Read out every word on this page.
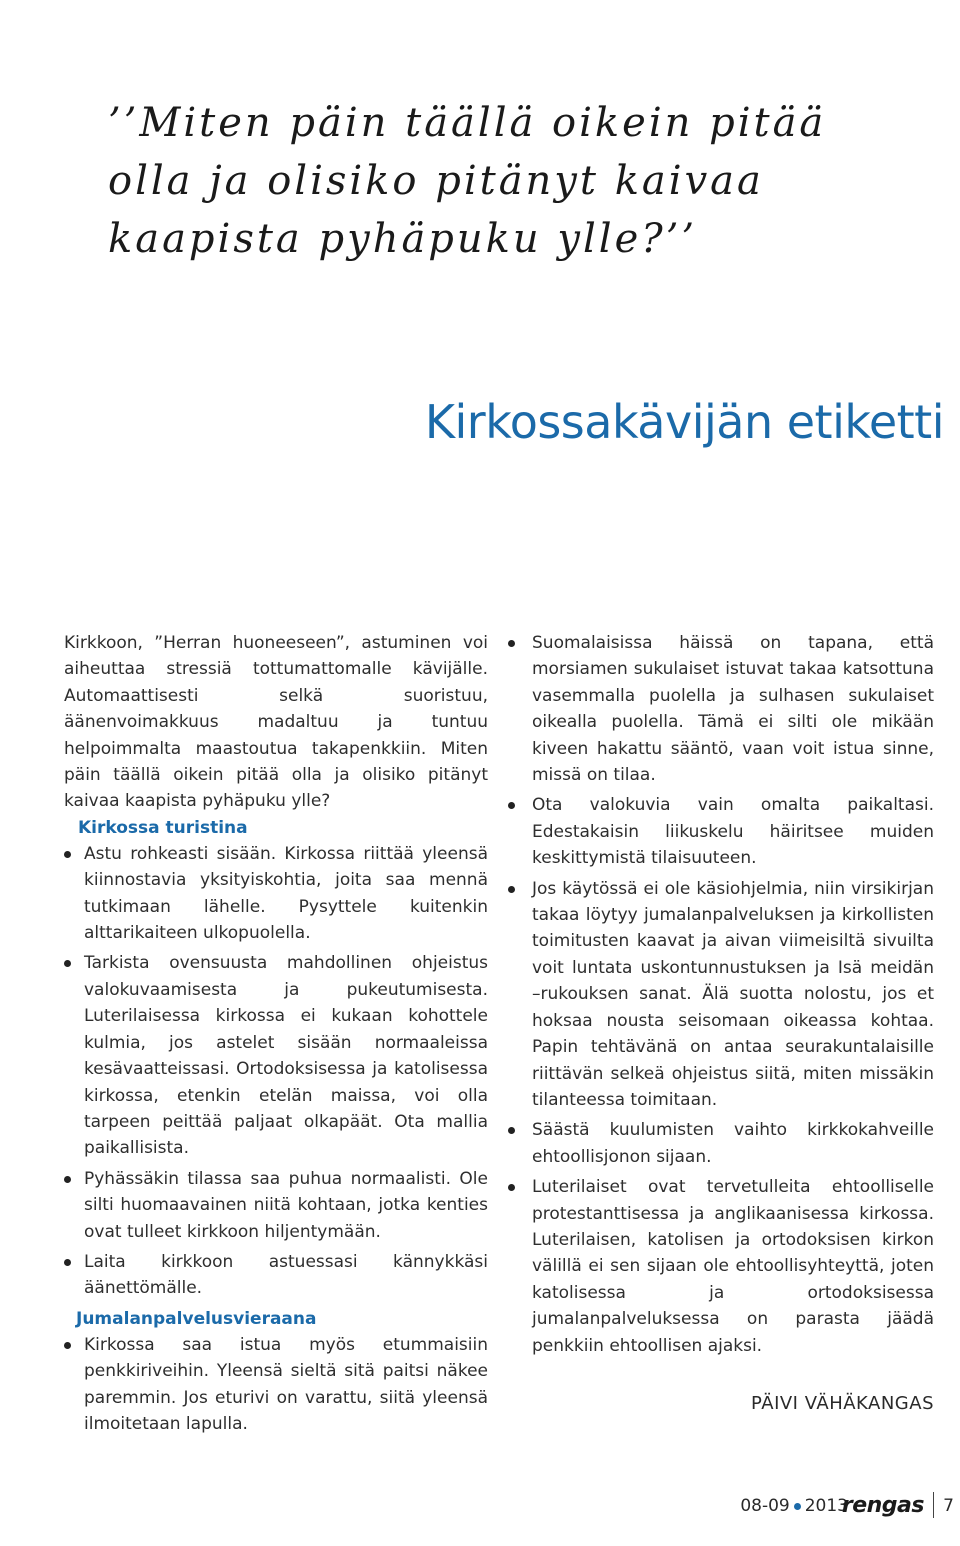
’’Miten päin täällä oikein pitää olla ja olisiko pitänyt kaivaa kaapista pyhäpuku ylle?’’
Kirkossakävijän etiketti

Kirkkoon, ”Herran huoneeseen”, astuminen voi aiheuttaa stressiä tottumattomalle kävijälle. Automaattisesti selkä suoristuu, äänenvoimakkuus madaltuu ja tuntuu helpoimmalta maastoutua takapenkkiin. Miten päin täällä oikein pitää olla ja olisiko pitänyt kaivaa kaapista pyhäpuku ylle?

Kirkossa turistina
Astu rohkeasti sisään. Kirkossa riittää yleensä kiinnostavia yksityiskohtia, joita saa mennä tutkimaan lähelle. Pysyttele kuitenkin alttarikaiteen ulkopuolella.
Tarkista ovensuusta mahdollinen ohjeistus valokuvaamisesta ja pukeutumisesta. Luterilaisessa kirkossa ei kukaan kohottele kulmia, jos astelet sisään normaaleissa kesävaatteissasi. Ortodoksisessa ja katolisessa kirkossa, etenkin etelän maissa, voi olla tarpeen peittää paljaat olkapäät. Ota mallia paikallisista.
Pyhässäkin tilassa saa puhua normaalisti. Ole silti huomaavainen niitä kohtaan, jotka kenties ovat tulleet kirkkoon hiljentymään.
Laita kirkkoon astuessasi kännykkäsi äänettömälle.
Jumalanpalvelusvieraana
Kirkossa saa istua myös etummaisiin penkkiriveihin. Yleensä sieltä sitä paitsi näkee paremmin. Jos eturivi on varattu, siitä yleensä ilmoitetaan lapulla.
Suomalaisissa häissä on tapana, että morsiamen sukulaiset istuvat takaa katsottuna vasemmalla puolella ja sulhasen sukulaiset oikealla puolella. Tämä ei silti ole mikään kiveen hakattu sääntö, vaan voit istua sinne, missä on tilaa.
Ota valokuvia vain omalta paikaltasi. Edestakaisin liikuskelu häiritsee muiden keskittymistä tilaisuuteen.
Jos käytössä ei ole käsiohjelmia, niin virsikirjan takaa löytyy jumalanpalveluksen ja kirkollisten toimitusten kaavat ja aivan viimeisiltä sivuilta voit luntata uskontunnustuksen ja Isä meidän –rukouksen sanat. Älä suotta nolostu, jos et hoksaa nousta seisomaan oikeassa kohtaa. Papin tehtävänä on antaa seurakuntalaisille riittävän selkeä ohjeistus siitä, miten missäkin tilanteessa toimitaan.
Säästä kuulumisten vaihto kirkkokahveille ehtoollisjonon sijaan.
Luterilaiset ovat tervetulleita ehtoolliselle protestanttisessa ja anglikaanisessa kirkossa. Luterilaisen, katolisen ja ortodoksisen kirkon välillä ei sen sijaan ole ehtoollisyhteyttä, joten katolisessa ja ortodoksisessa jumalanpalveluksessa on parasta jäädä penkkiin ehtoollisen ajaksi.
PÄIVI VÄHÄKANGAS
08-09 2013
rengas 7
